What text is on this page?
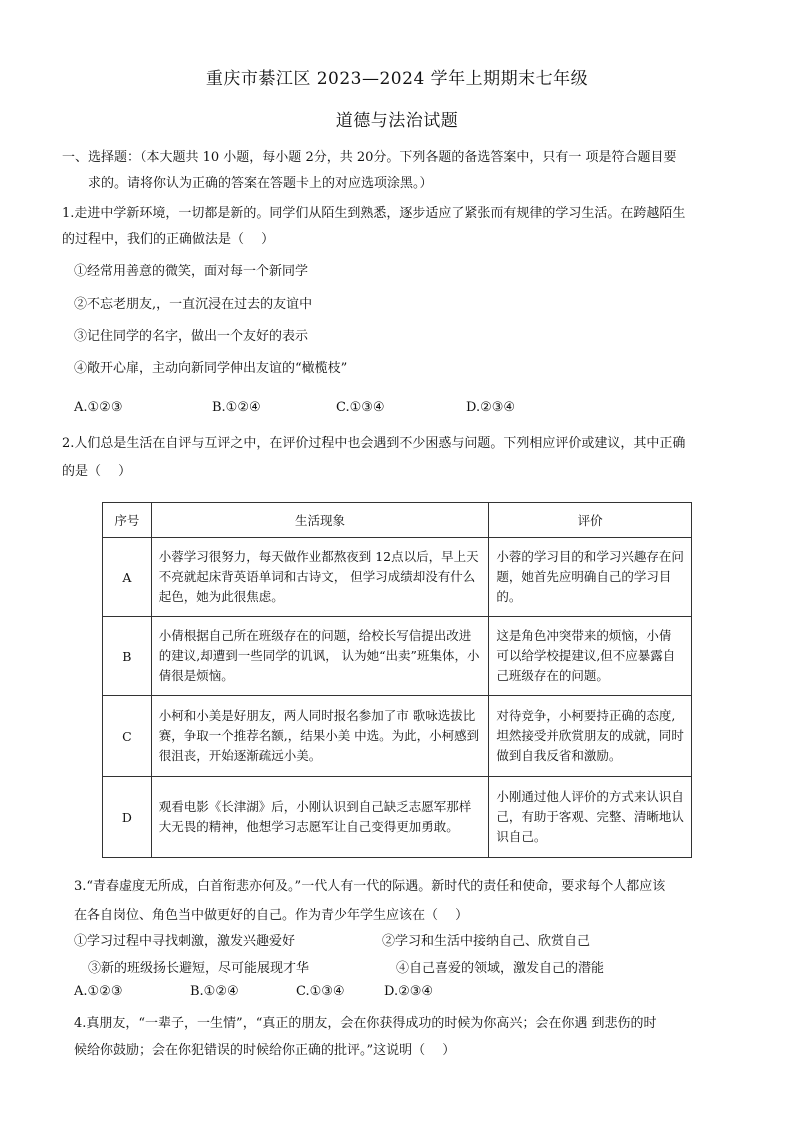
重庆市綦江区 2023—2024 学年上期期末七年级
道德与法治试题
一、选择题：（本大题共 10 小题，每小题 2分，共 20分。下列各题的备选答案中，只有一 项是符合题目要
求的。请将你认为正确的答案在答题卡上的对应选项涂黑。）
1.走进中学新环境，一切都是新的。同学们从陌生到熟悉，逐步适应了紧张而有规律的学习生活。在跨越陌生
的过程中，我们的正确做法是（　 ）
①经常用善意的微笑，面对每一个新同学
②不忘老朋友,，一直沉浸在过去的友谊中
③记住同学的名字，做出一个友好的表示
④敞开心扉，主动向新同学伸出友谊的“橄榄枝”
A.①②③	B.①②④	C.①③④	D.②③④
2.人们总是生活在自评与互评之中，在评价过程中也会遇到不少困惑与问题。下列相应评价或建议，其中正确
的是（　 ）
序号	生活现象	评价
A	小蓉学习很努力，每天做作业都熬夜到 12点以后，早上天不亮就起床背英语单词和古诗文， 但学习成绩却没有什么起色，她为此很焦虑。	小蓉的学习目的和学习兴趣存在问题，她首先应明确自己的学习目的。
B	小倩根据自己所在班级存在的问题，给校长写信提出改进的建议,却遭到一些同学的讥讽， 认为她“出卖”班集体，小倩很是烦恼。	这是角色冲突带来的烦恼，小倩 可以给学校提建议,但不应暴露自己班级存在的问题。
C	小柯和小美是好朋友，两人同时报名参加了市 歌咏选拔比赛，争取一个推荐名额,，结果小美 中选。为此，小柯感到很沮丧，开始逐渐疏远小美。	对待竞争，小柯要持正确的态度,坦然接受并欣赏朋友的成就，同时做到自我反省和激励。
D	观看电影《长津湖》后，小刚认识到自己缺乏志愿军那样大无畏的精神，他想学习志愿军让自己变得更加勇敢。	小刚通过他人评价的方式来认识自己，有助于客观、完整、清晰地认识自己。
3.“青春虚度无所成，白首衔悲亦何及。”一代人有一代的际遇。新时代的责任和使命，要求每个人都应该
在各自岗位、角色当中做更好的自己。作为青少年学生应该在（　 ）
①学习过程中寻找刺激，激发兴趣爱好	②学习和生活中接纳自己、欣赏自己
③新的班级扬长避短，尽可能展现才华	④自己喜爱的领域，激发自己的潜能
A.①②③	B.①②④	C.①③④	D.②③④
4.真朋友，“一辈子，一生情”，“真正的朋友，会在你获得成功的时候为你高兴；会在你遇 到悲伤的时
候给你鼓励；会在你犯错误的时候给你正确的批评。”这说明（　 ）
